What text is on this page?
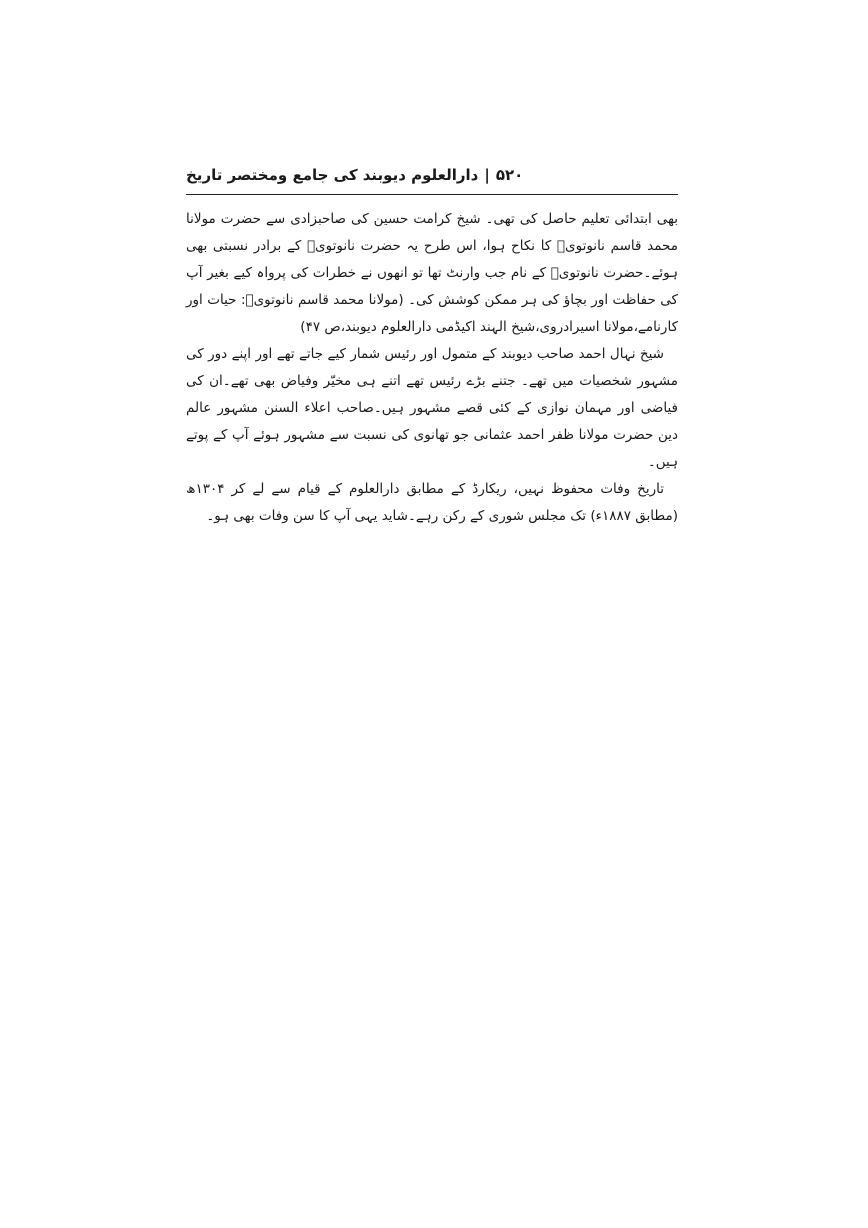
۵۲۰
|
دارالعلوم دیوبند کی جامع ومختصر تاریخ

بھی ابتدائی تعلیم حاصل کی تھی۔ شیخ کرامت حسین کی صاحبزادی سے حضرت مولانا محمد قاسم نانوتویؒ کا نکاح ہوا، اس طرح یہ حضرت نانوتویؒ کے برادر نسبتی بھی ہوئے۔حضرت نانوتویؒ کے نام جب وارنٹ تھا تو انھوں نے خطرات کی پرواہ کیے بغیر آپ کی حفاظت اور بچاؤ کی ہر ممکن کوشش کی۔ (مولانا محمد قاسم نانوتویؒ: حیات اور کارنامے،مولانا اسیرادروی،شیخ الہند اکیڈمی دارالعلوم دیوبند،ص ۴۷)

شیخ نہال احمد صاحب دیوبند کے متمول اور رئیس شمار کیے جاتے تھے اور اپنے دور کی مشہور شخصیات میں تھے۔ جتنے بڑے رئیس تھے اتنے ہی مخیّر وفیاض بھی تھے۔ان کی فیاضی اور مہمان نوازی کے کئی قصے مشہور ہیں۔صاحب اعلاء السنن مشہور عالم دین حضرت مولانا ظفر احمد عثمانی جو تھانوی کی نسبت سے مشہور ہوئے آپ کے پوتے ہیں۔

تاریخ وفات محفوظ نہیں، ریکارڈ کے مطابق دارالعلوم کے قیام سے لے کر ۱۳۰۴ھ (مطابق ۱۸۸۷ء) تک مجلس شوری کے رکن رہے۔شاید یہی آپ کا سن وفات بھی ہو۔
